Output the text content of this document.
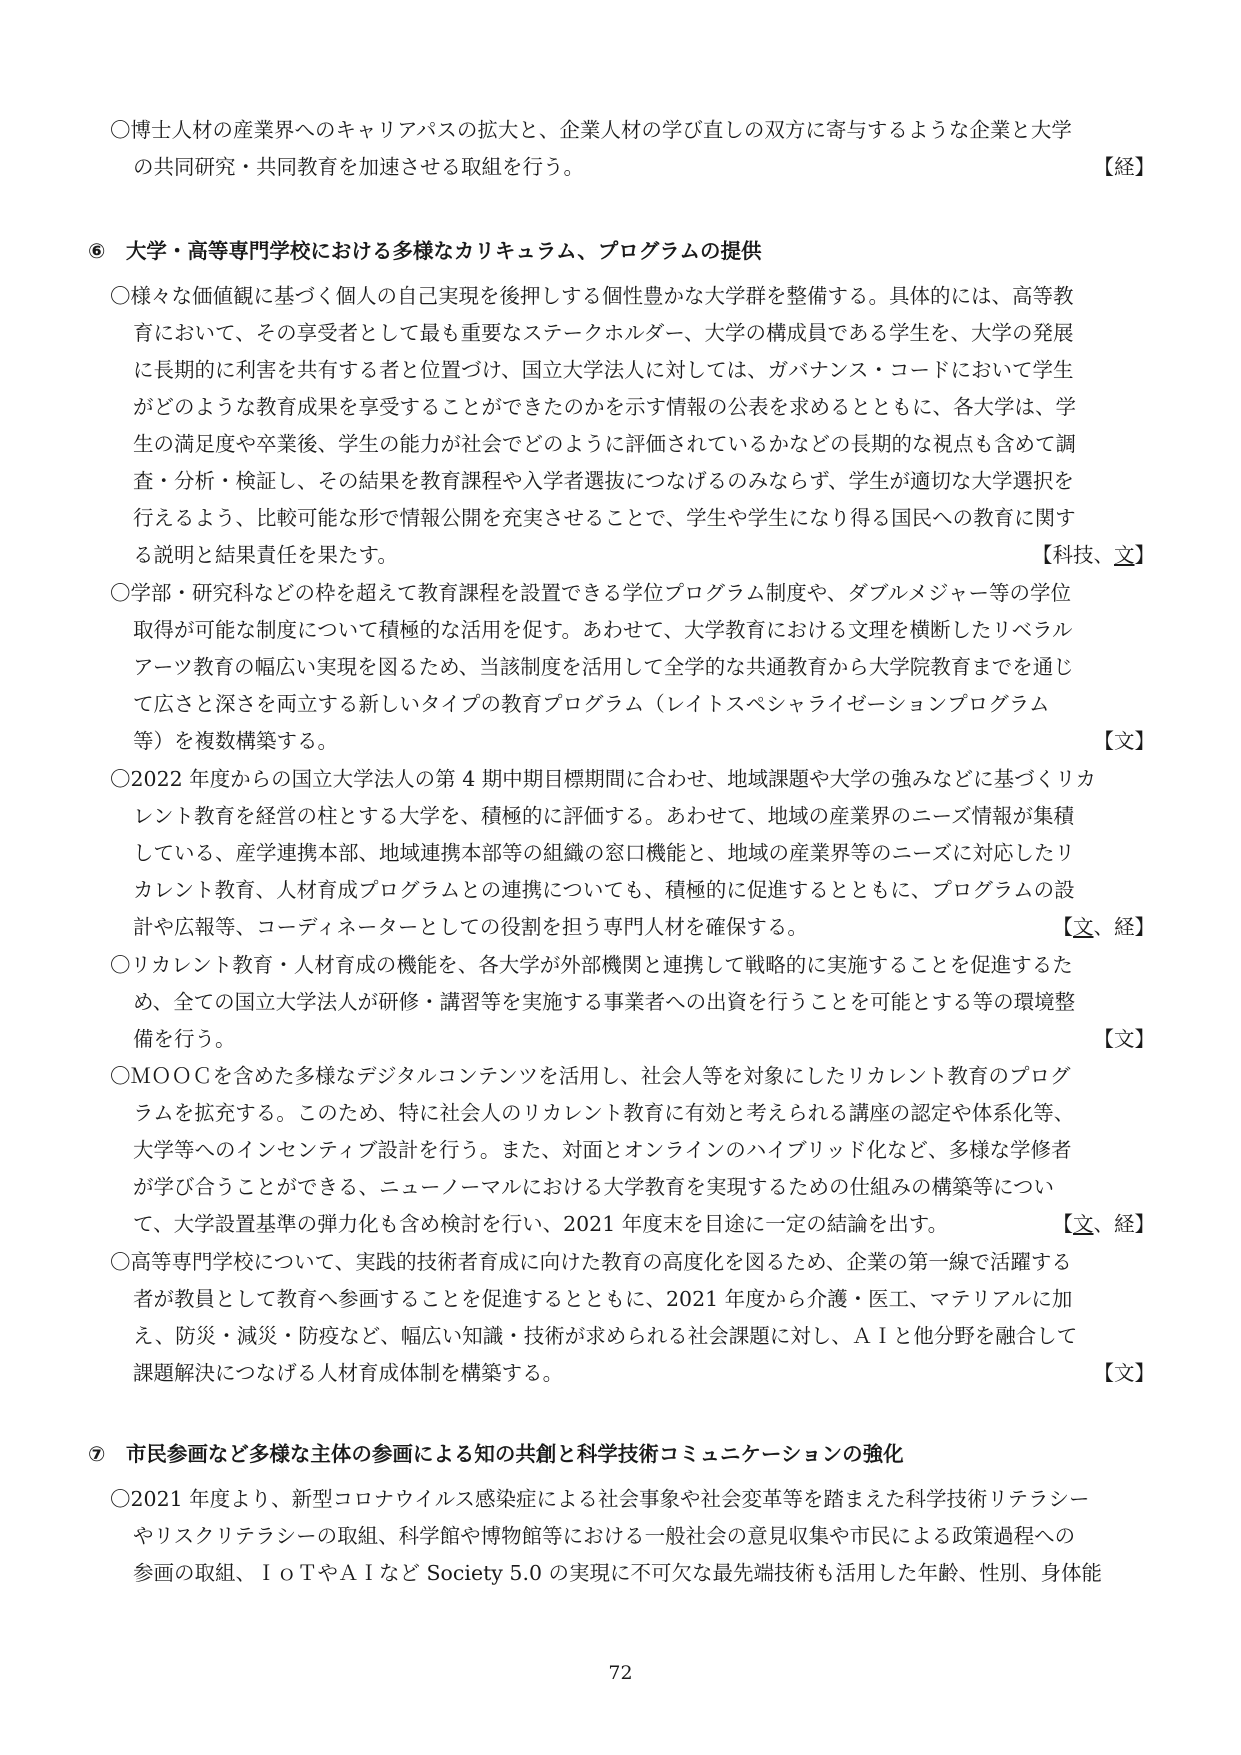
〇博士人材の産業界へのキャリアパスの拡大と、企業人材の学び直しの双方に寄与するような企業と大学
の共同研究・共同教育を加速させる取組を行う。	【経】
⑥　大学・高等専門学校における多様なカリキュラム、プログラムの提供
〇様々な価値観に基づく個人の自己実現を後押しする個性豊かな大学群を整備する。具体的には、高等教
育において、その享受者として最も重要なステークホルダー、大学の構成員である学生を、大学の発展
に長期的に利害を共有する者と位置づけ、国立大学法人に対しては、ガバナンス・コードにおいて学生
がどのような教育成果を享受することができたのかを示す情報の公表を求めるとともに、各大学は、学
生の満足度や卒業後、学生の能力が社会でどのように評価されているかなどの長期的な視点も含めて調
査・分析・検証し、その結果を教育課程や入学者選抜につなげるのみならず、学生が適切な大学選択を
行えるよう、比較可能な形で情報公開を充実させることで、学生や学生になり得る国民への教育に関す
る説明と結果責任を果たす。	【科技、文】
〇学部・研究科などの枠を超えて教育課程を設置できる学位プログラム制度や、ダブルメジャー等の学位
取得が可能な制度について積極的な活用を促す。あわせて、大学教育における文理を横断したリベラル
アーツ教育の幅広い実現を図るため、当該制度を活用して全学的な共通教育から大学院教育までを通じ
て広さと深さを両立する新しいタイプの教育プログラム（レイトスペシャライゼーションプログラム
等）を複数構築する。	【文】
〇2022 年度からの国立大学法人の第 4 期中期目標期間に合わせ、地域課題や大学の強みなどに基づくリカ
レント教育を経営の柱とする大学を、積極的に評価する。あわせて、地域の産業界のニーズ情報が集積
している、産学連携本部、地域連携本部等の組織の窓口機能と、地域の産業界等のニーズに対応したリ
カレント教育、人材育成プログラムとの連携についても、積極的に促進するとともに、プログラムの設
計や広報等、コーディネーターとしての役割を担う専門人材を確保する。	【文、経】
〇リカレント教育・人材育成の機能を、各大学が外部機関と連携して戦略的に実施することを促進するた
め、全ての国立大学法人が研修・講習等を実施する事業者への出資を行うことを可能とする等の環境整
備を行う。	【文】
〇ＭＯＯＣを含めた多様なデジタルコンテンツを活用し、社会人等を対象にしたリカレント教育のプログ
ラムを拡充する。このため、特に社会人のリカレント教育に有効と考えられる講座の認定や体系化等、
大学等へのインセンティブ設計を行う。また、対面とオンラインのハイブリッド化など、多様な学修者
が学び合うことができる、ニューノーマルにおける大学教育を実現するための仕組みの構築等につい
て、大学設置基準の弾力化も含め検討を行い、2021 年度末を目途に一定の結論を出す。	【文、経】
〇高等専門学校について、実践的技術者育成に向けた教育の高度化を図るため、企業の第一線で活躍する
者が教員として教育へ参画することを促進するとともに、2021 年度から介護・医工、マテリアルに加
え、防災・減災・防疫など、幅広い知識・技術が求められる社会課題に対し、ＡＩと他分野を融合して
課題解決につなげる人材育成体制を構築する。	【文】
⑦　市民参画など多様な主体の参画による知の共創と科学技術コミュニケーションの強化
〇2021 年度より、新型コロナウイルス感染症による社会事象や社会変革等を踏まえた科学技術リテラシー
やリスクリテラシーの取組、科学館や博物館等における一般社会の意見収集や市民による政策過程への
参画の取組、ＩｏＴやＡＩなど Society 5.0 の実現に不可欠な最先端技術も活用した年齢、性別、身体能
72
